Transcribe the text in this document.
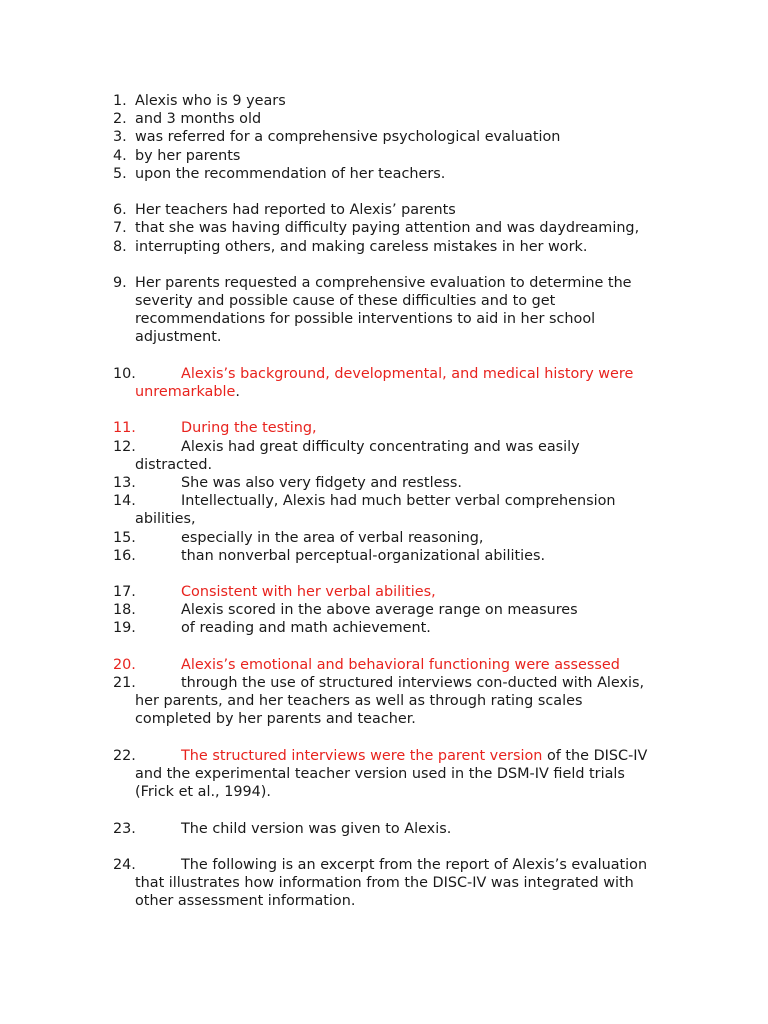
1. Alexis who is 9 years
2. and 3 months old
3. was referred for a comprehensive psychological evaluation
4. by her parents
5. upon the recommendation of her teachers.
6. Her teachers had reported to Alexis’ parents
7. that she was having difficulty paying attention and was daydreaming,
8. interrupting others, and making careless mistakes in her work.
9. Her parents requested a comprehensive evaluation to determine the
severity and possible cause of these difficulties and to get
recommendations for possible interventions to aid in her school
adjustment.
10.	Alexis’s background, developmental, and medical history were
unremarkable.
11.	During the testing,
12.	Alexis had great difficulty concentrating and was easily
distracted.
13.	She was also very fidgety and restless.
14.	Intellectually, Alexis had much better verbal comprehension
abilities,
15.	especially in the area of verbal reasoning,
16.	than nonverbal perceptual-organizational abilities.
17.	Consistent with her verbal abilities,
18.	Alexis scored in the above average range on measures
19.	of reading and math achievement.
20.	Alexis’s emotional and behavioral functioning were assessed
21.	through the use of structured interviews con-ducted with Alexis,
her parents, and her teachers as well as through rating scales
completed by her parents and teacher.
22.	The structured interviews were the parent version of the DISC-IV
and the experimental teacher version used in the DSM-IV field trials
(Frick et al., 1994).
23.	The child version was given to Alexis.
24.	The following is an excerpt from the report of Alexis’s evaluation
that illustrates how information from the DISC-IV was integrated with
other assessment information.
